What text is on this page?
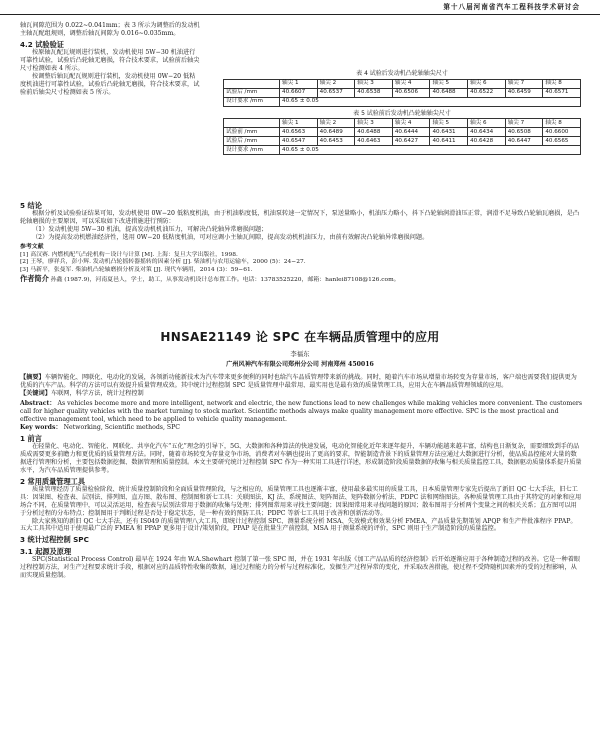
第十八届河南省汽车工程科技学术研讨会

轴瓦间隙范围为 0.022~0.041mm；表 3 所示为调整后的发动机主轴瓦配组规则，调整后轴瓦间隙为 0.016~0.035mm。

4.2 试验验证

按原轴瓦配瓦规则进行装机，发动机使用 5W−30 机油进行可靠性试验，试验后凸轮轴无磨损，符合技术要求，试验前后轴尖尺寸检测如表 4 所示。

按调整后轴瓦配瓦规则进行装机，发动机使用 0W−20 低粘度机油进行可靠性试验，试验后凸轮轴无磨损，符合技术要求，试验前后轴尖尺寸检测如表 5 所示。

表 4 试验后发动机凸轮轴轴尖尺寸

	轴尖 1	轴尖 2	轴尖 3	轴尖 4	轴尖 5	轴尖 6	轴尖 7	轴尖 8
试验后 /mm	40.6607	40.6537	40.6538	40.6506	40.6488	40.6522	40.6459	40.6571
设计要求 /mm	40.65 ± 0.05							

表 5 试验前后发动机凸轮轴轴尖尺寸

	轴尖 1	轴尖 2	轴尖 3	轴尖 4	轴尖 5	轴尖 6	轴尖 7	轴尖 8
试验前 /mm	40.6563	40.6489	40.6488	40.6444	40.6431	40.6434	40.6508	40.6600
试验后 /mm	40.6547	40.6453	40.6463	40.6427	40.6411	40.6428	40.6447	40.6565
设计要求 /mm	40.65 ± 0.05							

5 结论

根据分析及试验验证结果可知，发动机使用 0W−20 低粘度机油，由于机油粘度低，机油泵转速一定情况下，泵送量略小，机油压力略小，抖下凸轮轴润滑油压正常，润滑不足导致凸轮轴瓦磨损，是凸轮轴磨损的主要原因，可以采取如下改进措施进行预防：

（1）发动机使用 5W−30 机油，提高发动机机油压力，可解决凸轮轴异常磨损问题；

（2）为提高发动机燃油经济性，选用 0W−20 低粘度机油，可对应调小主轴瓦间隙，提高发动机机油压力，由前有效解决凸轮轴异常磨损问题。

参考文献

[1] 高汉赛. 内燃机配气凸轮机构－设计与计算 [M]. 上海：复旦大学出版社，1998.

[2] 王琴，廖祥兵，彭小辉. 发动机凸轮摇转器摇转的因素分析 [J]. 柴油机与农用运输车，2000 (5)：24−27.

[3] 马新平，张曼军. 柴油机凸轮轴磨损分析及对策 [J]. 现代车辆用，2014 (3)：59−61.

作者简介 孙鑫 (1987.9)，河南夏邑人，学士，助工，从事发动机设计总布置工作。电话：13783525220，邮箱：hanlei87108@126.com。

HNSAE21149 论 SPC 在车辆品质管理中的应用
李福东
广州风神汽车有限公司郑州分公司 河南郑州 450016

【摘要】车辆智能化、网联化、电动化的发展，各领新功能新技术为汽车带来更多便利的同时也给汽车品质管理带来新的挑战。同时，随着汽车市场从增量市场转变为存量市场，客户端也需要我们提供更为优质的汽车产品。科学的方法可以有效提升质量管理成效。其中统计过程控制 SPC 是质量管理中最常用、最实用也是最有效的质量管理工具，应用大在车辆品质管理领域的应用。

【关键词】车联网，科学方法，统计过程控制

Abstract： As vehicles become more and more intelligent, network and electric, the new functions lead to new challenges while making vehicles more convenient. The customers call for higher quality vehicles with the market turning to stock market. Scientific methods always make quality management more effective. SPC is the most practical and effective management tool, which need to be applied to vehicle quality management.

Key words： Networking, Scientific methods, SPC

1 前言

在轻量化、电动化、智能化、网联化、共享化汽车“五化”理念的引导下，5G、大数据和各种算法的快速发展，电动化智能化近年来逐年提升，车辆功能越来越丰富，结构也日渐复杂，需要细致到手的品质成需要更多前瞻力和更优质的质量管理方法。同时，随着市场转变为存量竞争市场，消费者对车辆也提出了更高的要求，智能制造背景下的质量管理方法应通过大数据进行分析，使品质品控能对大量的数据进行管理和分析，主要包括数据挖掘、数据管理和质量控制。本文主要研究统计过程控制 SPC 作为一种实用工具进行详述，形成制造阶段质量数据的收集与相关质量监控工具，数据驱动质量体系提升质量水平，为汽车品质管理提供参考。

2 常用质量管理工具

质量管理经历了质量检验阶段、统计质量控制阶段和全面质量管理阶段，与之相应的，质量管理工具也逐渐丰富，使用最多最实用的质量工具，日本质量管理专家先后提出了新旧 QC 七大手法，旧七工具：因果图、检查表、层别法、排列图、直方图、散布图、控制图和新七工具：关联图法、KJ 法、系统图法、矩阵图法、矩阵数据分析法、PDPC 法和网络图法。各种质量管理工具由于其特定的对象和应用场合不同，在质量管理中，可以灵活运用，检查表与层别法常用于数据的收集与处理；排列图常用来寻找主要问题；因果图常用来寻找问题的原因；散布图用于分析两个变量之间的相关关系；直方图可以用于分析过程的分布特点；控制图用于判断过程是否处于稳定状态，是一种有效的预防工具；PDPC 等新七工具用于改善和创新活动等。

除大家熟知的新旧 QC 七大手法，还有 IS049 的质量管理八大工具，即统计过程控制 SPC、测量系统分析 MSA、失效模式和效果分析 FMEA、产品质量先期策划 APQP 和生产件批准程序 PPAP。五大工具其中适用于使用最广泛的 FMEA 和 PPAP 更多用于设计/策划阶段，PPAP 是在批量生产前控制，MSA 用于测量系统的评价，SPC 则用于生产制造阶段的质量监控。

3 统计过程控制 SPC

3.1 起源及原理

SPC(Statistical Process Control) 最早在 1924 年由 W.A.Shewhart 控制了第一张 SPC 图，并在 1931 年出版《加工产品品质的经济控制》后开始逐渐应用于各种制造过程的改善。它是一种着眼过程控制方法，对生产过程要求统计手段，根据对应的品质特性收集的数据，通过过程能力的分析与过程标准化，发掘生产过程异常的变化，并采取改善措施，使过程不受降随机因素并的受的过程影响，从而实现质量控制。
